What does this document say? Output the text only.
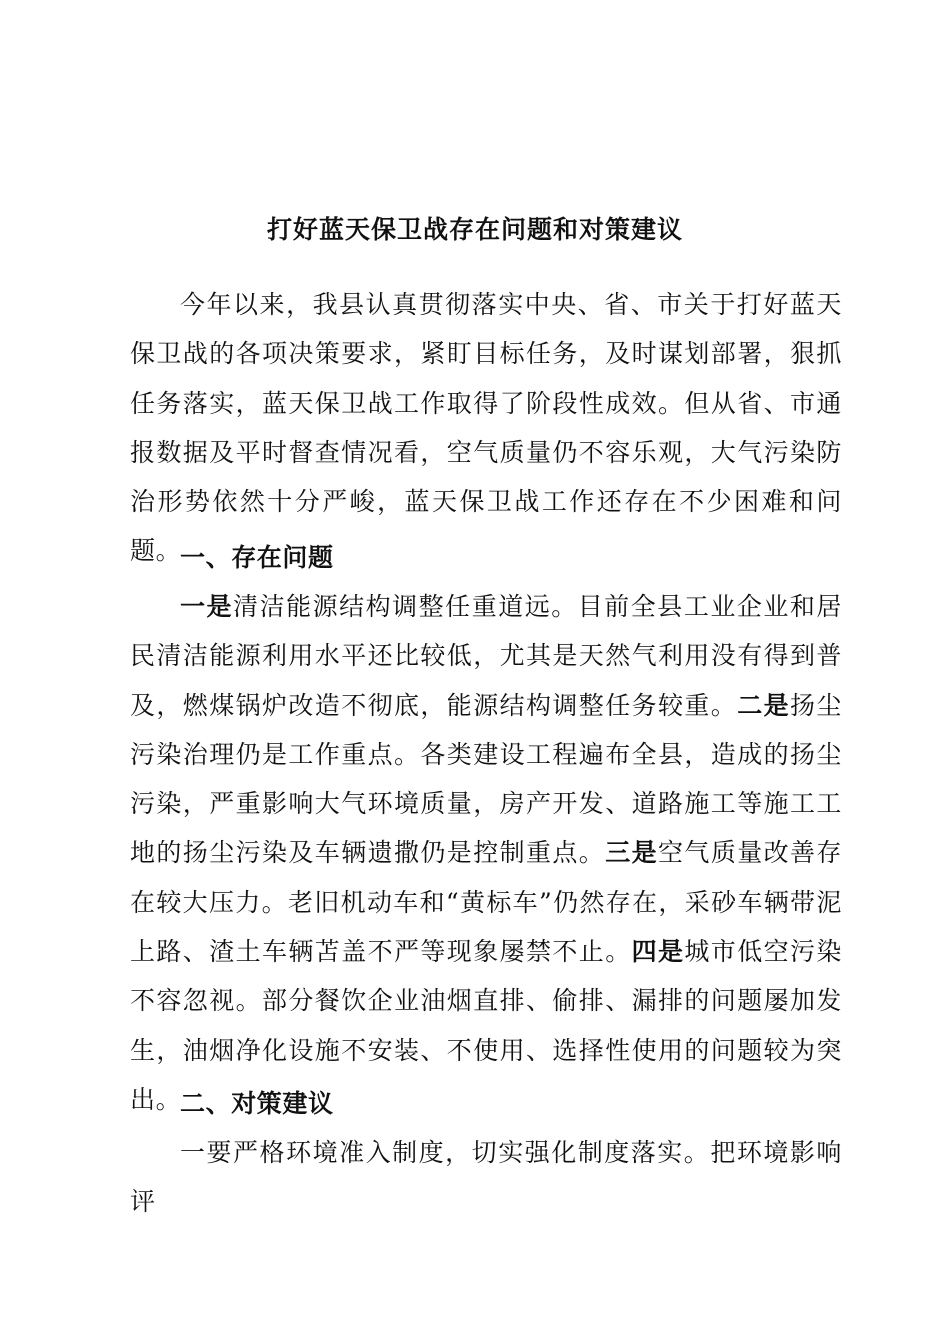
打好蓝天保卫战存在问题和对策建议

今年以来，我县认真贯彻落实中央、省、市关于打好蓝天保卫战的各项决策要求，紧盯目标任务，及时谋划部署，狠抓任务落实，蓝天保卫战工作取得了阶段性成效。但从省、市通报数据及平时督查情况看，空气质量仍不容乐观，大气污染防治形势依然十分严峻，蓝天保卫战工作还存在不少困难和问题。

一、存在问题

一是清洁能源结构调整任重道远。目前全县工业企业和居民清洁能源利用水平还比较低，尤其是天然气利用没有得到普及，燃煤锅炉改造不彻底，能源结构调整任务较重。二是扬尘污染治理仍是工作重点。各类建设工程遍布全县，造成的扬尘污染，严重影响大气环境质量，房产开发、道路施工等施工工地的扬尘污染及车辆遗撒仍是控制重点。三是空气质量改善存在较大压力。老旧机动车和“黄标车”仍然存在，采砂车辆带泥上路、渣土车辆苫盖不严等现象屡禁不止。四是城市低空污染不容忽视。部分餐饮企业油烟直排、偷排、漏排的问题屡加发生，油烟净化设施不安装、不使用、选择性使用的问题较为突出。

二、对策建议

一要严格环境准入制度，切实强化制度落实。把环境影响评
